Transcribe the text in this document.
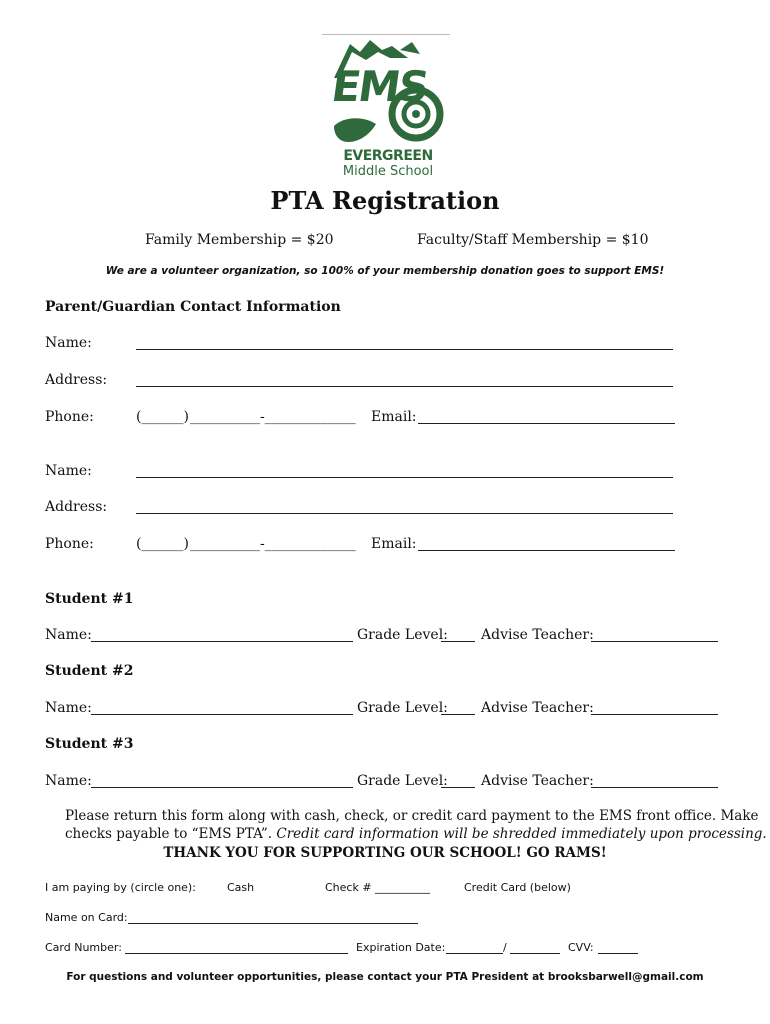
EMS
EVERGREEN
Middle School
PTA Registration
Family Membership = $20	Faculty/Staff Membership = $10
We are a volunteer organization, so 100% of your membership donation goes to support EMS!
Parent/Guardian Contact Information
Name:
Address:
Phone:	(______) __________-_____________ Email:
Name:
Address:
Phone:	(______) __________-_____________ Email:
Student #1
Name:	Grade Level: Advise Teacher:
Student #2
Name:	Grade Level: Advise Teacher:
Student #3
Name:	Grade Level: Advise Teacher:
Please return this form along with cash, check, or credit card payment to the EMS front office. Make
checks payable to “EMS PTA”. Credit card information will be shredded immediately upon processing.
THANK YOU FOR SUPPORTING OUR SCHOOL! GO RAMS!
I am paying by (circle one):	Cash	Check # __________	Credit Card (below)
Name on Card:
Card Number:	Expiration Date:	/	CVV:
For questions and volunteer opportunities, please contact your PTA President at brooksbarwell@gmail.com
